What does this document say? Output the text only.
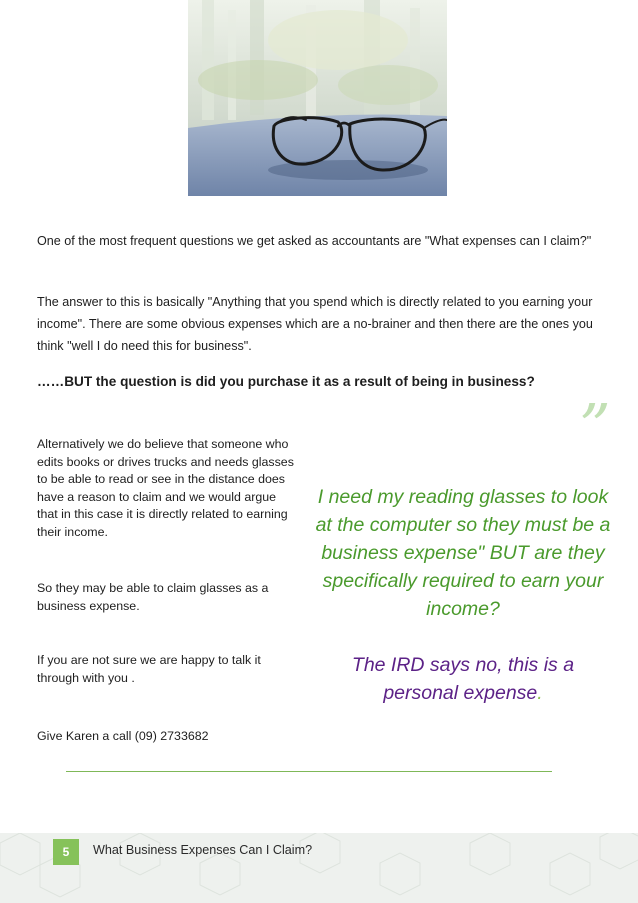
One of the most frequent questions we get asked as accountants are "What expenses can I claim?"

The answer to this is basically "Anything that you spend which is directly related to you earning your income". There are some obvious expenses which are a no-brainer and then there are the ones you think "well I do need this for business".

……BUT the question is did you purchase it as a result of being in business?

”

Alternatively we do believe that someone who edits books or drives trucks and needs glasses to be able to read or see in the distance does have a reason to claim and we would argue that in this case it is directly related to earning their income.

So they may be able to claim glasses as a business expense.

If you are not sure we are happy to talk it through with you .

Give Karen a call (09) 2733682

I need my reading glasses to look at the computer so they must be a business expense" BUT are they specifically required to earn your income?

The IRD says no, this is a personal expense.

5	What Business Expenses Can I Claim?
